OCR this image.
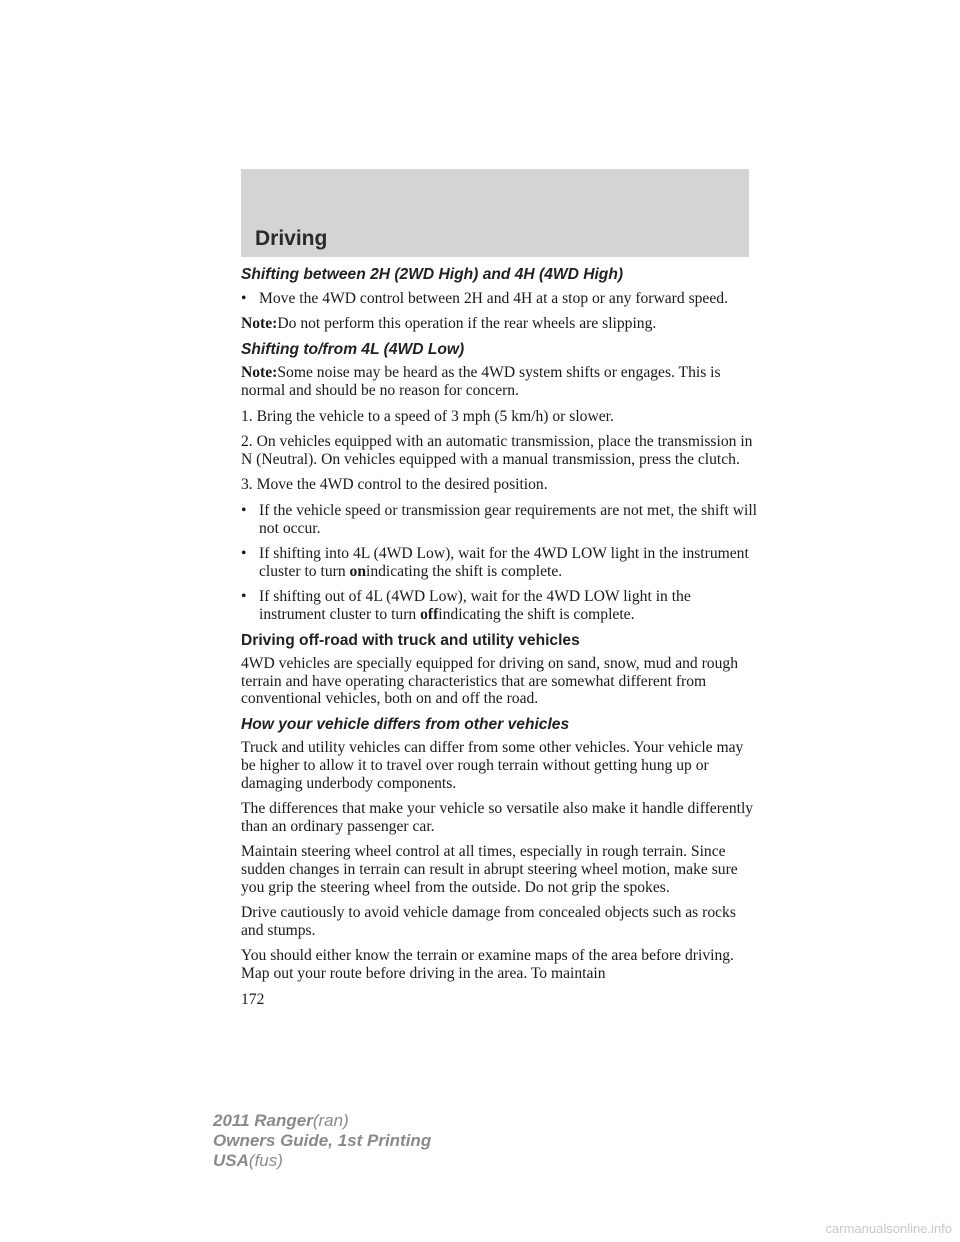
Driving
Shifting between 2H (2WD High) and 4H (4WD High)
• Move the 4WD control between 2H and 4H at a stop or any forward speed.

Note:Do not perform this operation if the rear wheels are slipping.

Shifting to/from 4L (4WD Low)

Note:Some noise may be heard as the 4WD system shifts or engages. This is normal and should be no reason for concern.

1. Bring the vehicle to a speed of 3 mph (5 km/h) or slower.

2. On vehicles equipped with an automatic transmission, place the transmission in N (Neutral). On vehicles equipped with a manual transmission, press the clutch.

3. Move the 4WD control to the desired position.

• If the vehicle speed or transmission gear requirements are not met, the shift will not occur.
• If shifting into 4L (4WD Low), wait for the 4WD LOW light in the instrument cluster to turn onindicating the shift is complete.
• If shifting out of 4L (4WD Low), wait for the 4WD LOW light in the instrument cluster to turn offindicating the shift is complete.
Driving off-road with truck and utility vehicles

4WD vehicles are specially equipped for driving on sand, snow, mud and rough terrain and have operating characteristics that are somewhat different from conventional vehicles, both on and off the road.

How your vehicle differs from other vehicles

Truck and utility vehicles can differ from some other vehicles. Your vehicle may be higher to allow it to travel over rough terrain without getting hung up or damaging underbody components.

The differences that make your vehicle so versatile also make it handle differently than an ordinary passenger car.

Maintain steering wheel control at all times, especially in rough terrain. Since sudden changes in terrain can result in abrupt steering wheel motion, make sure you grip the steering wheel from the outside. Do not grip the spokes.

Drive cautiously to avoid vehicle damage from concealed objects such as rocks and stumps.

You should either know the terrain or examine maps of the area before driving. Map out your route before driving in the area. To maintain

172

2011 Ranger(ran)
Owners Guide, 1st Printing
USA(fus)
carmanualsonline.info
